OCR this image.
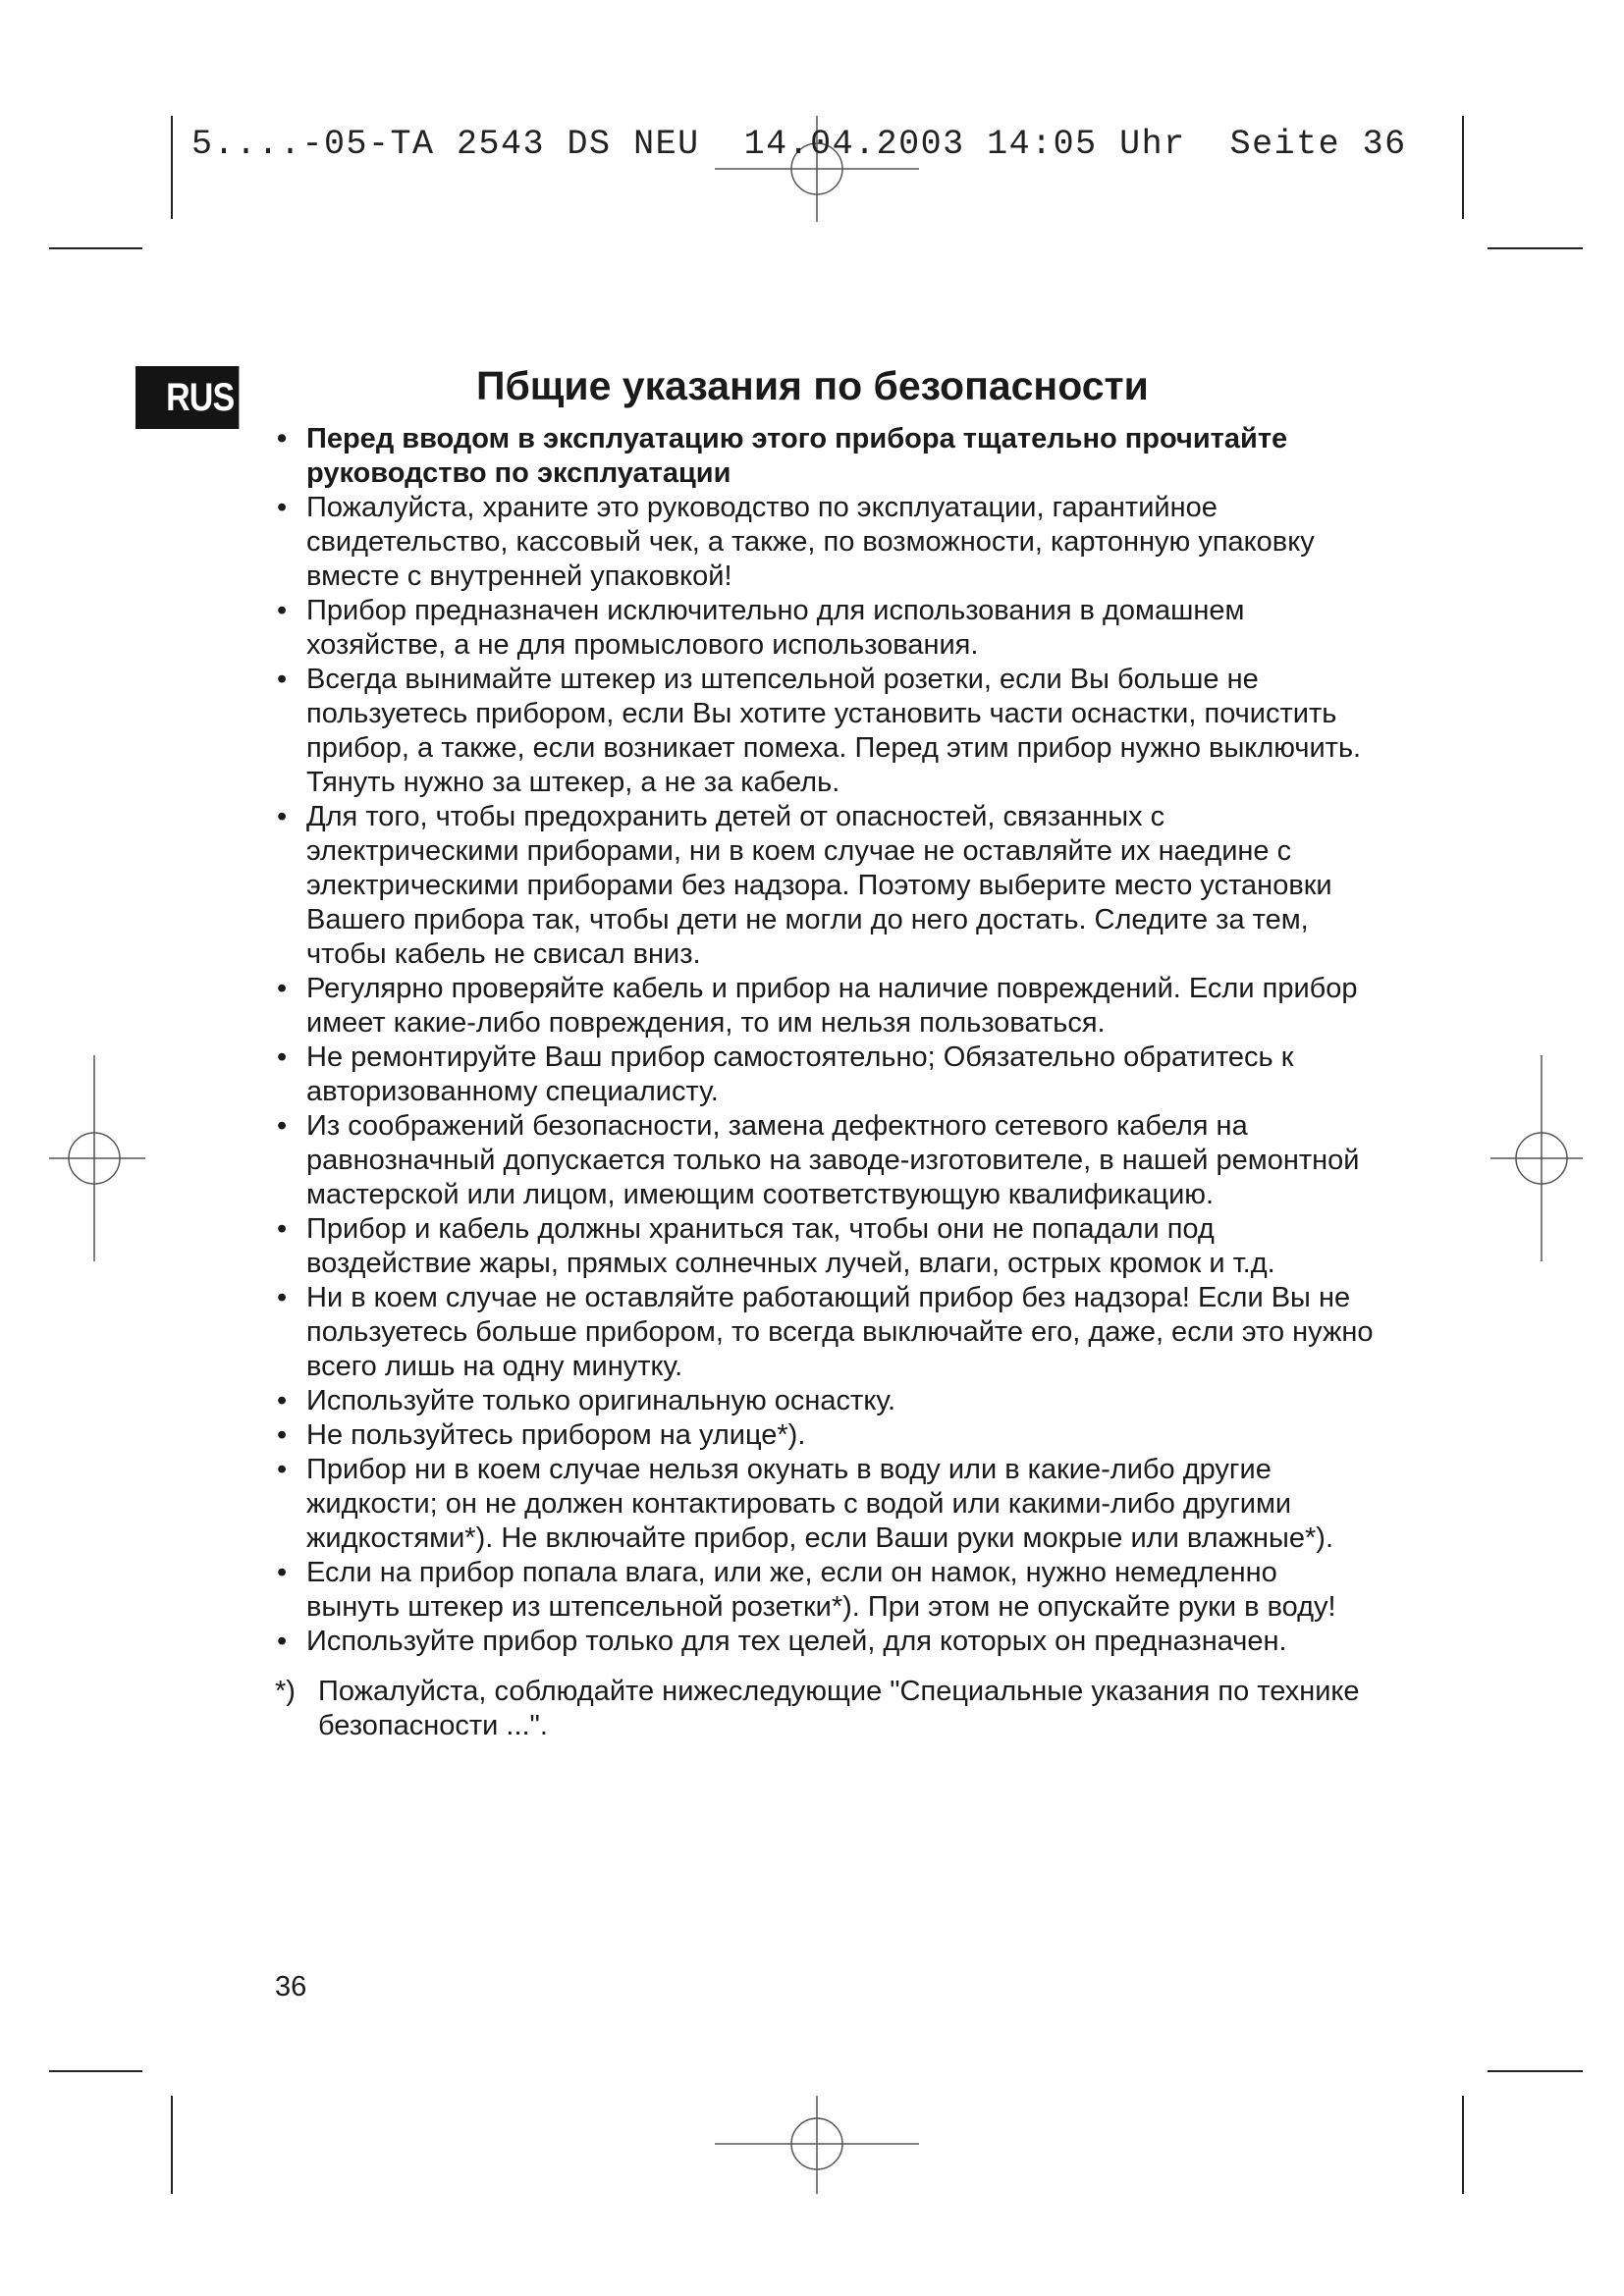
5....-05-TA 2543 DS NEU  14.04.2003 14:05 Uhr  Seite 36
RUS	Пбщие указания по безопасности
• Перед вводом в эксплуатацию этого прибора тщательно прочитайте руководство по эксплуатации
• Пожалуйста, храните это руководство по эксплуатации, гарантийное свидетельство, кассовый чек, а также, по возможности, картонную упаковку вместе с внутренней упаковкой!
• Прибор предназначен исключительно для использования в домашнем хозяйстве, а не для промыслового использования.
• Всегда вынимайте штекер из штепсельной розетки, если Вы больше не пользуетесь прибором, если Вы хотите установить части оснастки, почистить прибор, а также, если возникает помеха. Перед этим прибор нужно выключить. Тянуть нужно за штекер, а не за кабель.
• Для того, чтобы предохранить детей от опасностей, связанных с электрическими приборами, ни в коем случае не оставляйте их наедине с электрическими приборами без надзора. Поэтому выберите место установки Вашего прибора так, чтобы дети не могли до него достать. Следите за тем, чтобы кабель не свисал вниз.
• Регулярно проверяйте кабель и прибор на наличие повреждений. Если прибор имеет какие-либо повреждения, то им нельзя пользоваться.
• Не ремонтируйте Ваш прибор самостоятельно; Обязательно обратитесь к авторизованному специалисту.
• Из соображений безопасности, замена дефектного сетевого кабеля на равнозначный допускается только на заводе-изготовителе, в нашей ремонтной мастерской или лицом, имеющим соответствующую квалификацию.
• Прибор и кабель должны храниться так, чтобы они не попадали под воздействие жары, прямых солнечных лучей, влаги, острых кромок и т.д.
• Ни в коем случае не оставляйте работающий прибор без надзора! Если Вы не пользуетесь больше прибором, то всегда выключайте его, даже, если это нужно всего лишь на одну минутку.
• Используйте только оригинальную оснастку.
• Не пользуйтесь прибором на улице*).
• Прибор ни в коем случае нельзя окунать в воду или в какие-либо другие жидкости; он не должен контактировать с водой или какими-либо другими жидкостями*). Не включайте прибор, если Ваши руки мокрые или влажные*).
• Если на прибор попала влага, или же, если он намок, нужно немедленно вынуть штекер из штепсельной розетки*). При этом не опускайте руки в воду!
• Используйте прибор только для тех целей, для которых он предназначен.
*) Пожалуйста, соблюдайте нижеследующие "Специальные указания по технике безопасности ...".
36
